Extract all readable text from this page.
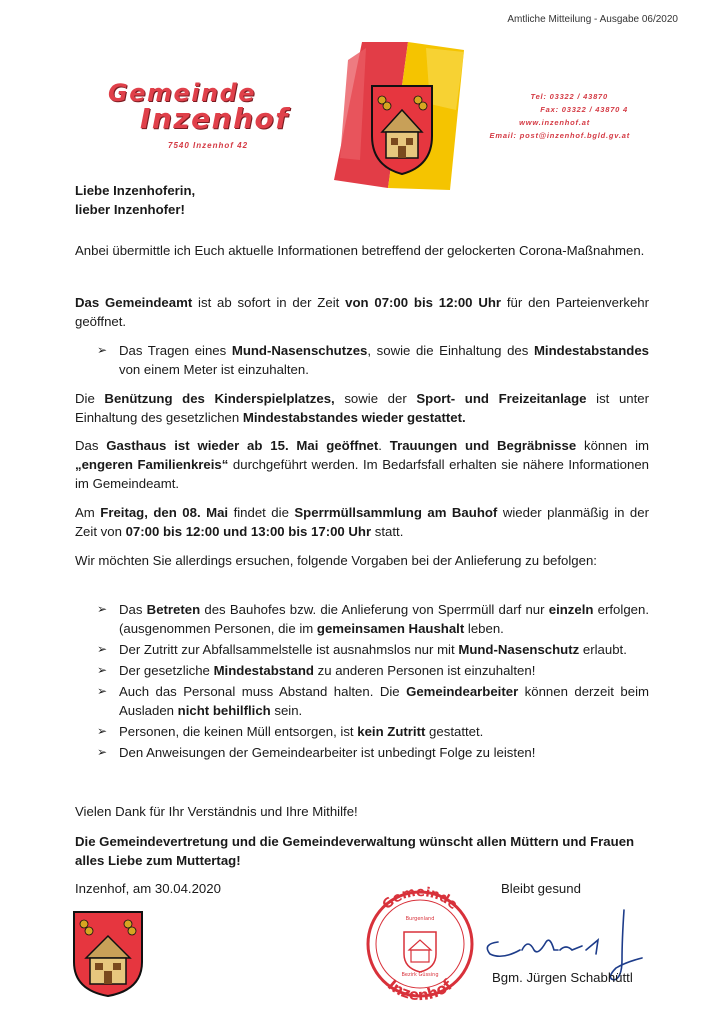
Amtliche Mitteilung - Ausgabe 06/2020
Gemeinde
Inzenhof
7540 Inzenhof 42
Tel: 03322 / 43870
Fax: 03322 / 43870 4
www.inzenhof.at
Email: post@inzenhof.bgld.gv.at
Liebe Inzenhoferin,
lieber Inzenhofer!
Anbei übermittle ich Euch aktuelle Informationen betreffend der gelockerten Corona-Maßnahmen.
Das Gemeindeamt ist ab sofort in der Zeit von 07:00 bis 12:00 Uhr für den Parteienverkehr geöffnet.
➢ Das Tragen eines Mund-Nasenschutzes, sowie die Einhaltung des Mindestabstandes von einem Meter ist einzuhalten.
Die Benützung des Kinderspielplatzes, sowie der Sport- und Freizeitanlage ist unter Einhaltung des gesetzlichen Mindestabstandes wieder gestattet.
Das Gasthaus ist wieder ab 15. Mai geöffnet. Trauungen und Begräbnisse können im „engeren Familienkreis“ durchgeführt werden. Im Bedarfsfall erhalten sie nähere Informationen im Gemeindeamt.
Am Freitag, den 08. Mai findet die Sperrmüllsammlung am Bauhof wieder planmäßig in der Zeit von 07:00 bis 12:00 und 13:00 bis 17:00 Uhr statt.
Wir möchten Sie allerdings ersuchen, folgende Vorgaben bei der Anlieferung zu befolgen:
➢ Das Betreten des Bauhofes bzw. die Anlieferung von Sperrmüll darf nur einzeln erfolgen. (ausgenommen Personen, die im gemeinsamen Haushalt leben.
➢ Der Zutritt zur Abfallsammelstelle ist ausnahmslos nur mit Mund-Nasenschutz erlaubt.
➢ Der gesetzliche Mindestabstand zu anderen Personen ist einzuhalten!
➢ Auch das Personal muss Abstand halten. Die Gemeindearbeiter können derzeit beim Ausladen nicht behilflich sein.
➢ Personen, die keinen Müll entsorgen, ist kein Zutritt gestattet.
➢ Den Anweisungen der Gemeindearbeiter ist unbedingt Folge zu leisten!
Vielen Dank für Ihr Verständnis und Ihre Mithilfe!
Die Gemeindevertretung und die Gemeindeverwaltung wünscht allen Müttern und Frauen alles Liebe zum Muttertag!
Inzenhof, am 30.04.2020	Bleibt gesund
Gemeinde
Inzenhof
Burgenland
Bezirk Güssing	Bgm. Jürgen Schabhüttl
